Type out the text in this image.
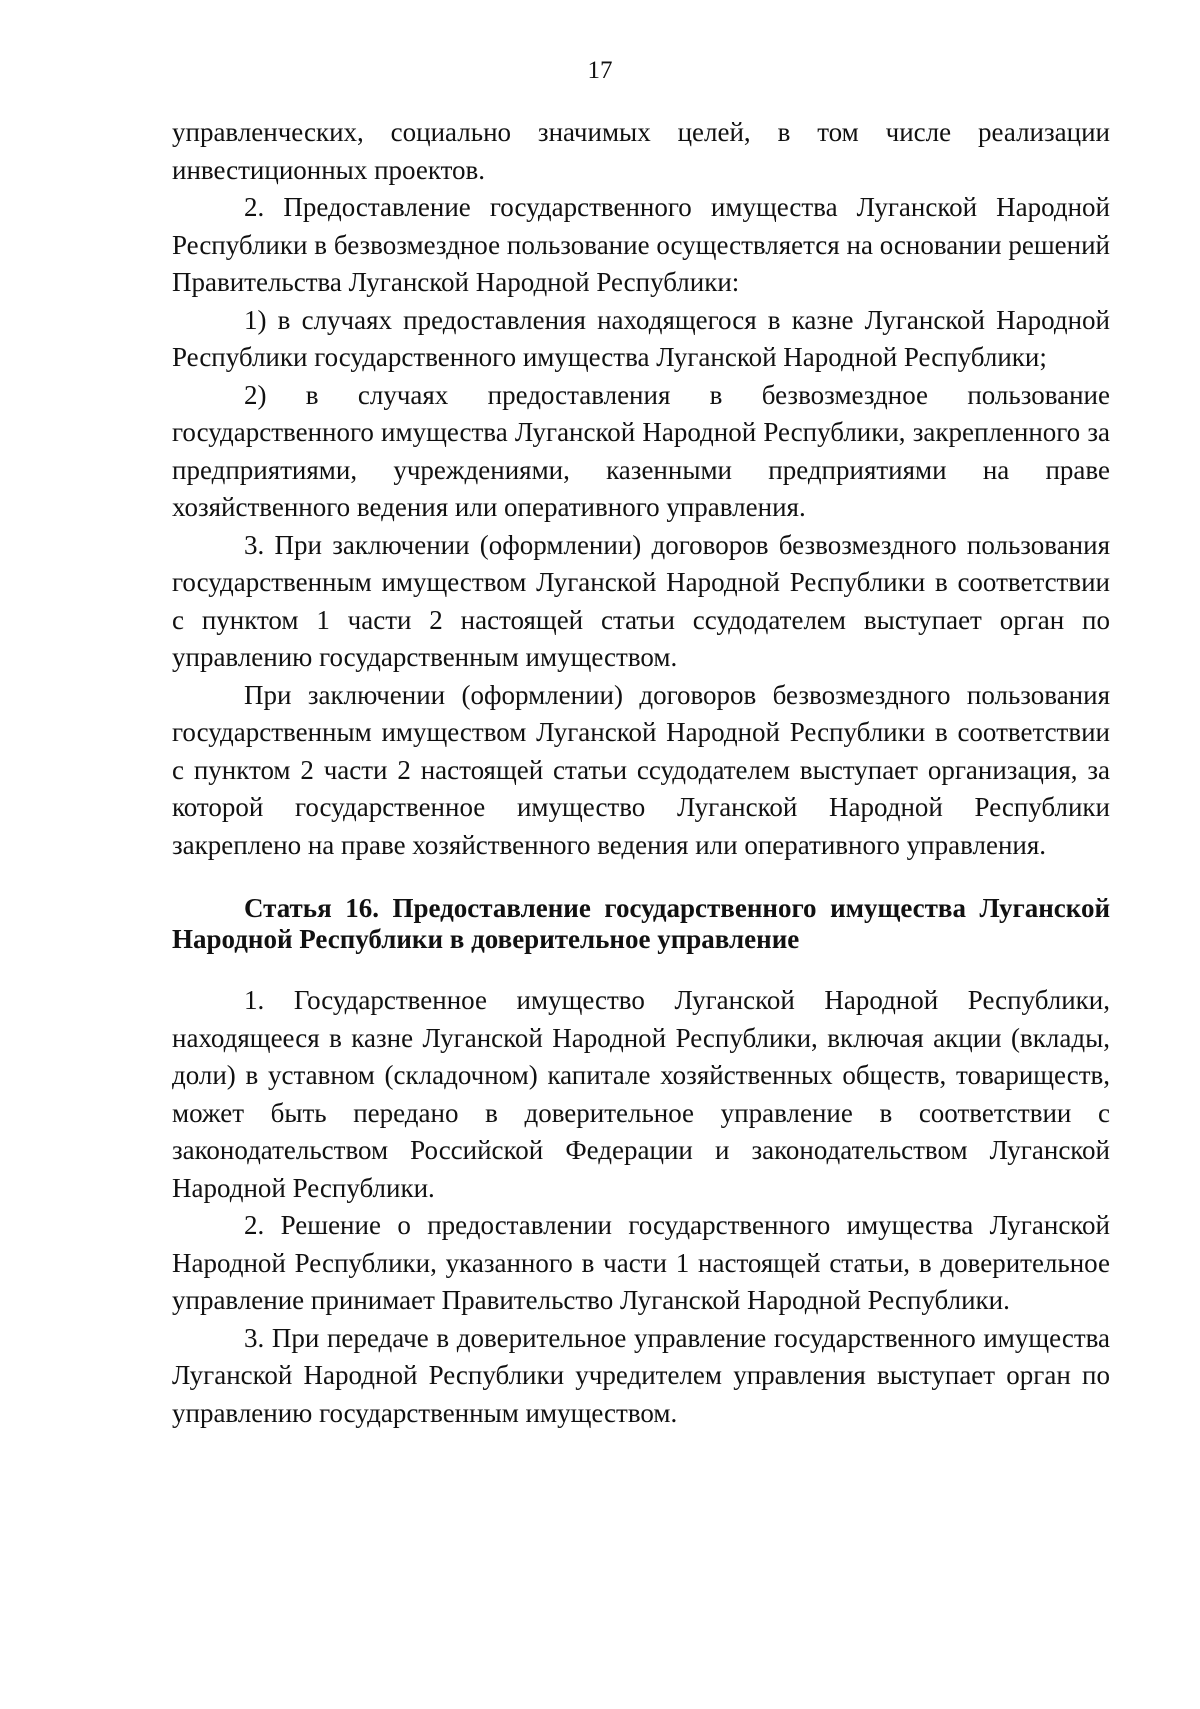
17

управленческих, социально значимых целей, в том числе реализации инвестиционных проектов.

2. Предоставление государственного имущества Луганской Народной Республики в безвозмездное пользование осуществляется на основании решений Правительства Луганской Народной Республики:

1) в случаях предоставления находящегося в казне Луганской Народной Республики государственного имущества Луганской Народной Республики;

2) в случаях предоставления в безвозмездное пользование государственного имущества Луганской Народной Республики, закрепленного за предприятиями, учреждениями, казенными предприятиями на праве хозяйственного ведения или оперативного управления.

3. При заключении (оформлении) договоров безвозмездного пользования государственным имуществом Луганской Народной Республики в соответствии с пунктом 1 части 2 настоящей статьи ссудодателем выступает орган по управлению государственным имуществом.

При заключении (оформлении) договоров безвозмездного пользования государственным имуществом Луганской Народной Республики в соответствии с пунктом 2 части 2 настоящей статьи ссудодателем выступает организация, за которой государственное имущество Луганской Народной Республики закреплено на праве хозяйственного ведения или оперативного управления.

Статья 16. Предоставление государственного имущества Луганской Народной Республики в доверительное управление

1. Государственное имущество Луганской Народной Республики, находящееся в казне Луганской Народной Республики, включая акции (вклады, доли) в уставном (складочном) капитале хозяйственных обществ, товариществ, может быть передано в доверительное управление в соответствии с законодательством Российской Федерации и законодательством Луганской Народной Республики.

2. Решение о предоставлении государственного имущества Луганской Народной Республики, указанного в части 1 настоящей статьи, в доверительное управление принимает Правительство Луганской Народной Республики.

3. При передаче в доверительное управление государственного имущества Луганской Народной Республики учредителем управления выступает орган по управлению государственным имуществом.
